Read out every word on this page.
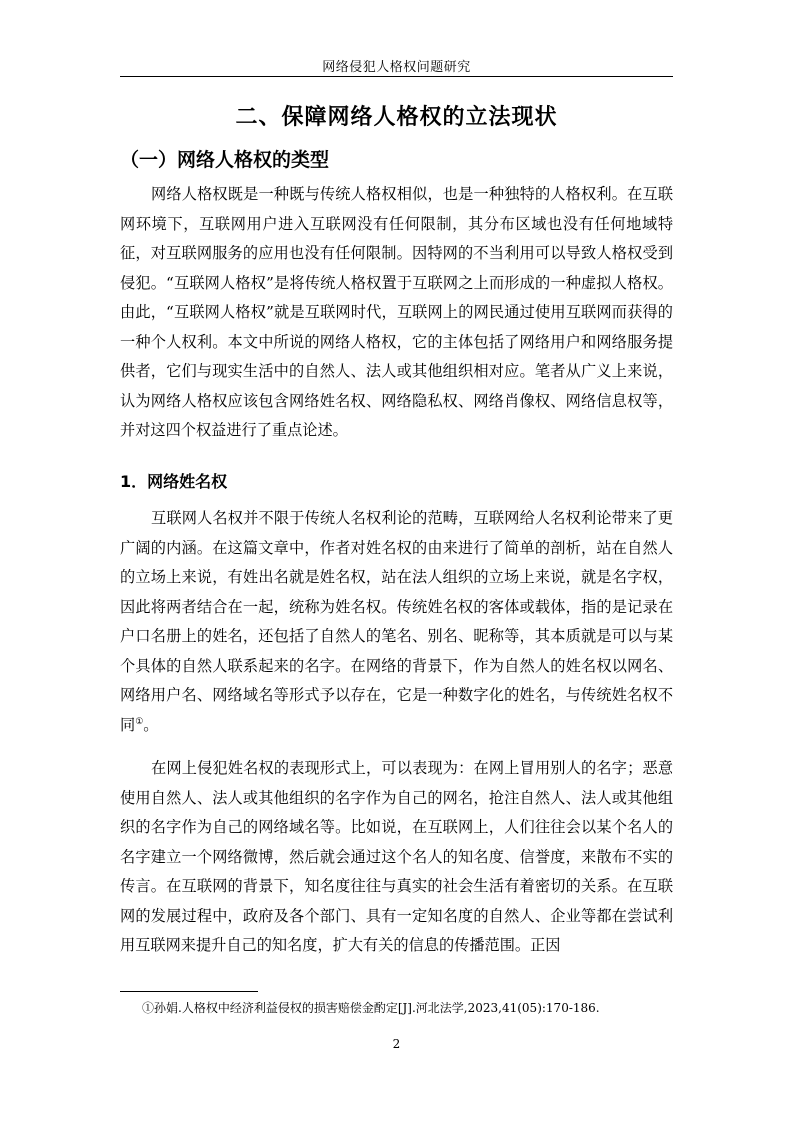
网络侵犯人格权问题研究
二、保障网络人格权的立法现状
（一）网络人格权的类型

网络人格权既是一种既与传统人格权相似，也是一种独特的人格权利。在互联网环境下，互联网用户进入互联网没有任何限制，其分布区域也没有任何地域特征，对互联网服务的应用也没有任何限制。因特网的不当利用可以导致人格权受到侵犯。“互联网人格权”是将传统人格权置于互联网之上而形成的一种虚拟人格权。由此，“互联网人格权”就是互联网时代，互联网上的网民通过使用互联网而获得的一种个人权利。本文中所说的网络人格权，它的主体包括了网络用户和网络服务提供者，它们与现实生活中的自然人、法人或其他组织相对应。笔者从广义上来说，认为网络人格权应该包含网络姓名权、网络隐私权、网络肖像权、网络信息权等，并对这四个权益进行了重点论述。

1．网络姓名权

互联网人名权并不限于传统人名权利论的范畴，互联网给人名权利论带来了更广阔的内涵。在这篇文章中，作者对姓名权的由来进行了简单的剖析，站在自然人的立场上来说，有姓出名就是姓名权，站在法人组织的立场上来说，就是名字权，因此将两者结合在一起，统称为姓名权。传统姓名权的客体或载体，指的是记录在户口名册上的姓名，还包括了自然人的笔名、别名、昵称等，其本质就是可以与某个具体的自然人联系起来的名字。在网络的背景下，作为自然人的姓名权以网名、网络用户名、网络域名等形式予以存在，它是一种数字化的姓名，与传统姓名权不同①。

在网上侵犯姓名权的表现形式上，可以表现为：在网上冒用别人的名字；恶意使用自然人、法人或其他组织的名字作为自己的网名，抢注自然人、法人或其他组织的名字作为自己的网络域名等。比如说，在互联网上，人们往往会以某个名人的名字建立一个网络微博，然后就会通过这个名人的知名度、信誉度，来散布不实的传言。在互联网的背景下，知名度往往与真实的社会生活有着密切的关系。在互联网的发展过程中，政府及各个部门、具有一定知名度的自然人、企业等都在尝试利用互联网来提升自己的知名度，扩大有关的信息的传播范围。正因

①孙娟.人格权中经济利益侵权的损害赔偿金酌定[J].河北法学,2023,41(05):170-186.
2
